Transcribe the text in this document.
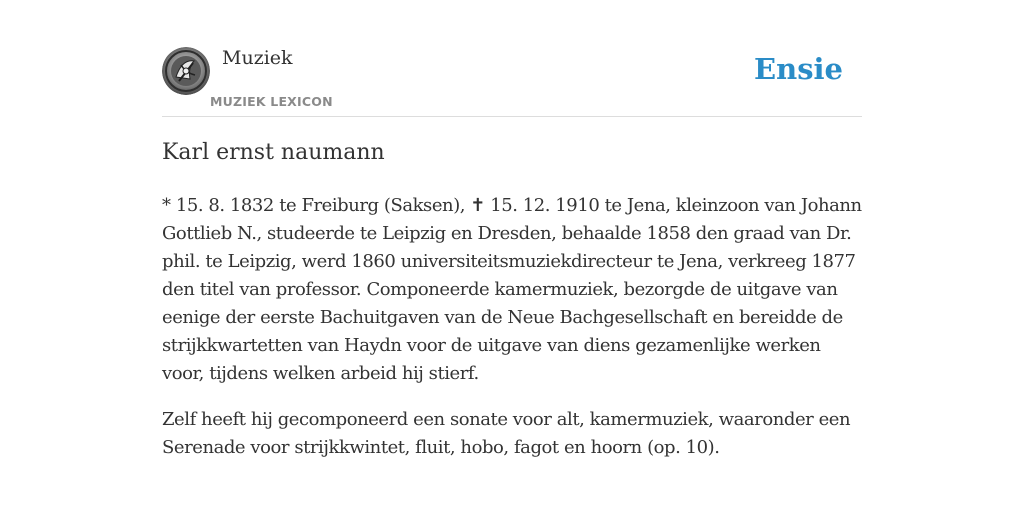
Muziek
MUZIEK LEXICON
Ensie
Karl ernst naumann

* 15. 8. 1832 te Freiburg (Saksen), ✝ 15. 12. 1910 te Jena, kleinzoon van Johann Gottlieb N., studeerde te Leipzig en Dresden, behaalde 1858 den graad van Dr. phil. te Leipzig, werd 1860 universiteitsmuziekdirecteur te Jena, verkreeg 1877 den titel van professor. Componeerde kamermuziek, bezorgde de uitgave van eenige der eerste Bachuitgaven van de Neue Bachgesellschaft en bereidde de strijkkwartetten van Haydn voor de uitgave van diens gezamenlijke werken voor, tijdens welken arbeid hij stierf.

Zelf heeft hij gecomponeerd een sonate voor alt, kamermuziek, waaronder een Serenade voor strijkkwintet, fluit, hobo, fagot en hoorn (op. 10).
